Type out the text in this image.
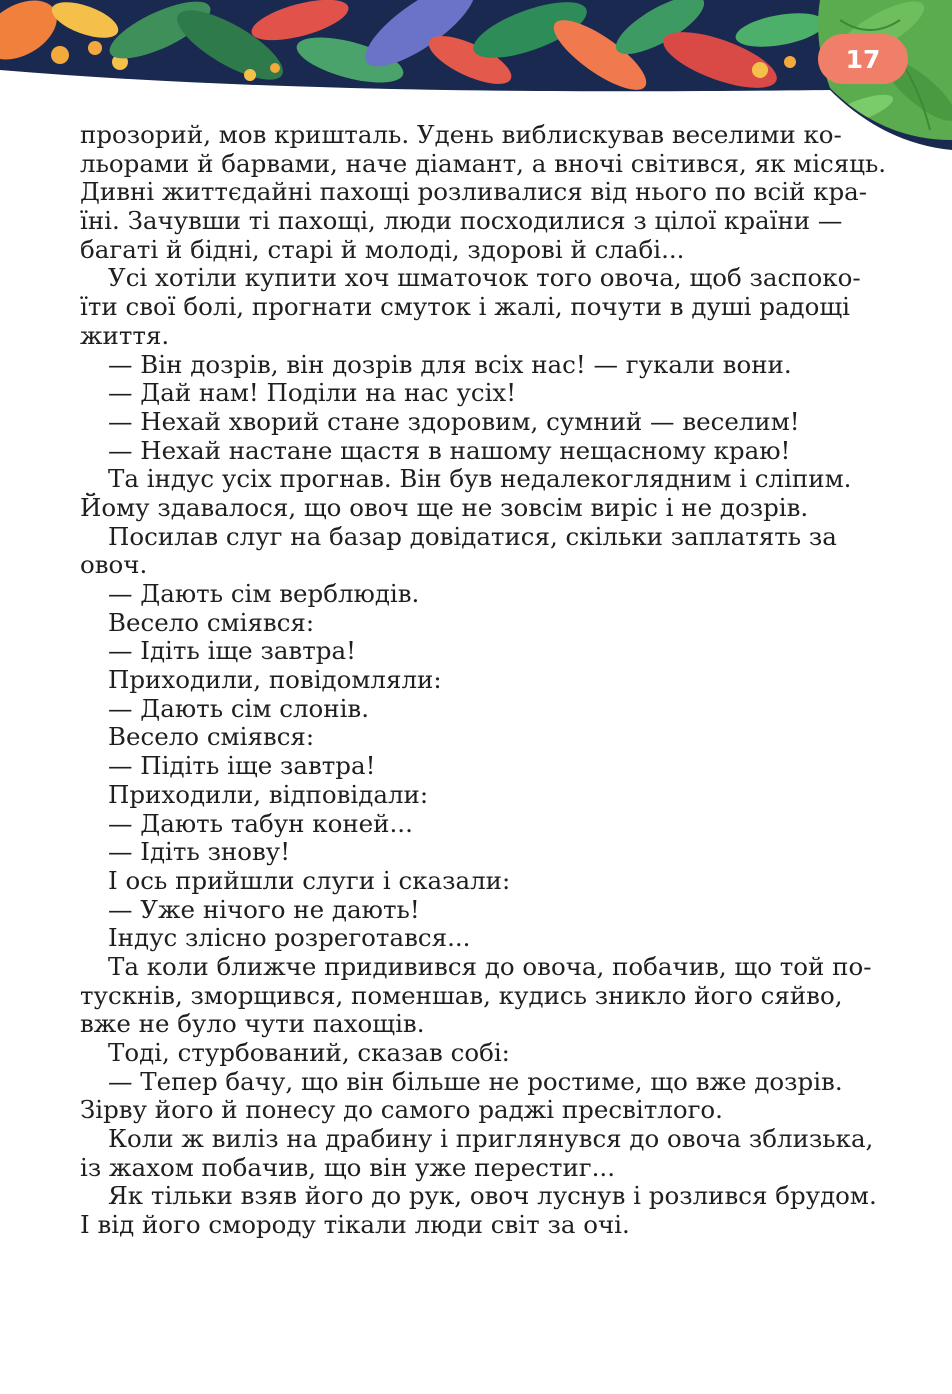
17
прозорий, мов кришталь. Удень виблискував веселими ко-
льорами й барвами, наче діамант, а вночі світився, як місяць.
Дивні життєдайні пахощі розливалися від нього по всій кра-
їні. Зачувши ті пахощі, люди посходилися з цілої країни —
багаті й бідні, старі й молоді, здорові й слабі...
Усі хотіли купити хоч шматочок того овоча, щоб заспоко-
їти свої болі, прогнати смуток і жалі, почути в душі радощі
життя.
— Він дозрів, він дозрів для всіх нас! — гукали вони.
— Дай нам! Поділи на нас усіх!
— Нехай хворий стане здоровим, сумний — веселим!
— Нехай настане щастя в нашому нещасному краю!
Та індус усіх прогнав. Він був недалекоглядним і сліпим.
Йому здавалося, що овоч ще не зовсім виріс і не дозрів.
Посилав слуг на базар довідатися, скільки заплатять за
овоч.
— Дають сім верблюдів.
Весело сміявся:
— Ідіть іще завтра!
Приходили, повідомляли:
— Дають сім слонів.
Весело сміявся:
— Підіть іще завтра!
Приходили, відповідали:
— Дають табун коней...
— Ідіть знову!
І ось прийшли слуги і сказали:
— Уже нічого не дають!
Індус злісно розреготався...
Та коли ближче придивився до овоча, побачив, що той по-
тускнів, зморщився, поменшав, кудись зникло його сяйво,
вже не було чути пахощів.
Тоді, стурбований, сказав собі:
— Тепер бачу, що він більше не ростиме, що вже дозрів.
Зірву його й понесу до самого раджі пресвітлого.
Коли ж виліз на драбину і приглянувся до овоча зблизька,
із жахом побачив, що він уже перестиг...
Як тільки взяв його до рук, овоч луснув і розлився брудом.
І від його смороду тікали люди світ за очі.
